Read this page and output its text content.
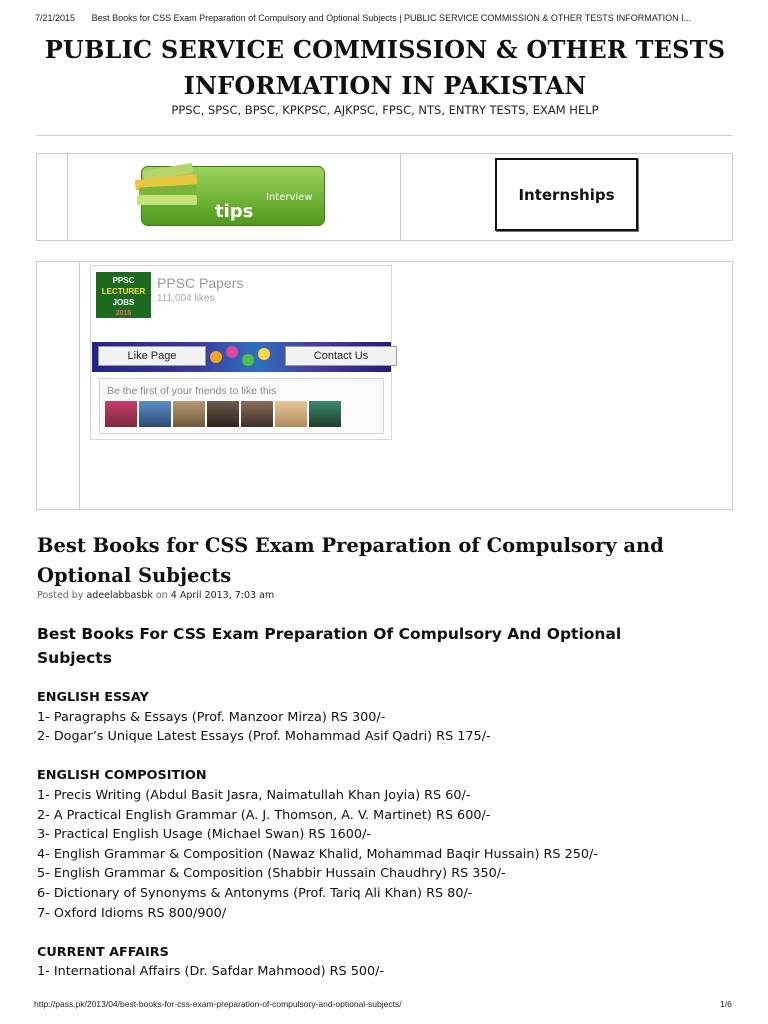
7/21/2015 Best Books for CSS Exam Preparation of Compulsory and Optional Subjects | PUBLIC SERVICE COMMISSION & OTHER TESTS INFORMATION I...
PUBLIC SERVICE COMMISSION & OTHER TESTS
INFORMATION IN PAKISTAN
PPSC, SPSC, BPSC, KPKPSC, AJKPSC, FPSC, NTS, ENTRY TESTS, EXAM HELP
Interview
tips
Internships
PPSC
LECTURER
JOBS
2015
PPSC Papers
111,004 likes
Like Page	Contact Us
Be the first of your friends to like this
Best Books for CSS Exam Preparation of Compulsory and
Optional Subjects
Posted by adeelabbasbk on 4 April 2013, 7:03 am
Best Books For CSS Exam Preparation Of Compulsory And Optional
Subjects
ENGLISH ESSAY
1- Paragraphs & Essays (Prof. Manzoor Mirza) RS 300/-
2- Dogar’s Unique Latest Essays (Prof. Mohammad Asif Qadri) RS 175/-
ENGLISH COMPOSITION
1- Precis Writing (Abdul Basit Jasra, Naimatullah Khan Joyia) RS 60/-
2- A Practical English Grammar (A. J. Thomson, A. V. Martinet) RS 600/-
3- Practical English Usage (Michael Swan) RS 1600/-
4- English Grammar & Composition (Nawaz Khalid, Mohammad Baqir Hussain) RS 250/-
5- English Grammar & Composition (Shabbir Hussain Chaudhry) RS 350/-
6- Dictionary of Synonyms & Antonyms (Prof. Tariq Ali Khan) RS 80/-
7- Oxford Idioms RS 800/900/
CURRENT AFFAIRS
1- International Affairs (Dr. Safdar Mahmood) RS 500/-
http://pass.pk/2013/04/best-books-for-css-exam-preparation-of-compulsory-and-optional-subjects/	1/6
